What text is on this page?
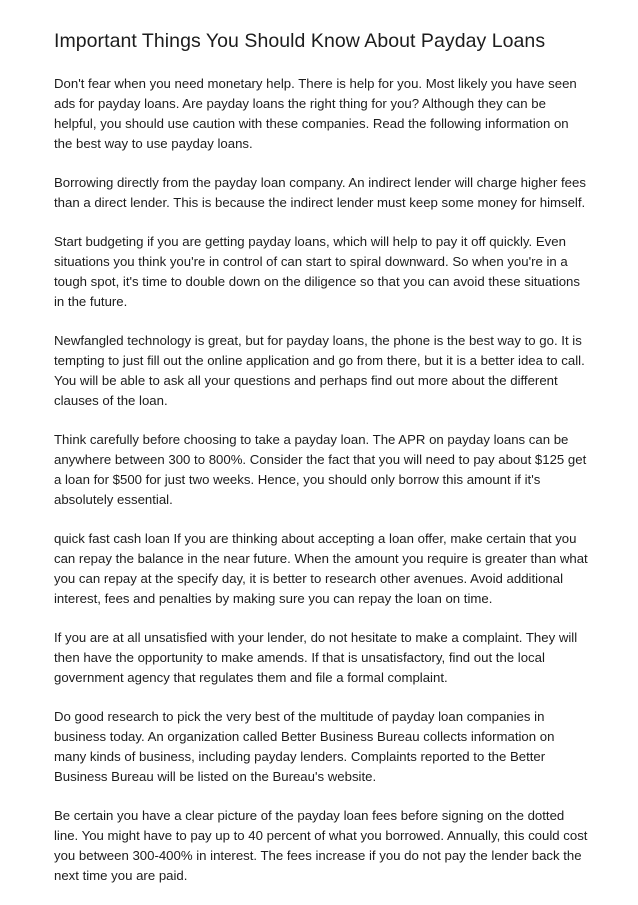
Important Things You Should Know About Payday Loans

Don't fear when you need monetary help. There is help for you. Most likely you have seen ads for payday loans. Are payday loans the right thing for you? Although they can be helpful, you should use caution with these companies. Read the following information on the best way to use payday loans.

Borrowing directly from the payday loan company. An indirect lender will charge higher fees than a direct lender. This is because the indirect lender must keep some money for himself.

Start budgeting if you are getting payday loans, which will help to pay it off quickly. Even situations you think you're in control of can start to spiral downward. So when you're in a tough spot, it's time to double down on the diligence so that you can avoid these situations in the future.

Newfangled technology is great, but for payday loans, the phone is the best way to go. It is tempting to just fill out the online application and go from there, but it is a better idea to call. You will be able to ask all your questions and perhaps find out more about the different clauses of the loan.

Think carefully before choosing to take a payday loan. The APR on payday loans can be anywhere between 300 to 800%. Consider the fact that you will need to pay about $125 get a loan for $500 for just two weeks. Hence, you should only borrow this amount if it's absolutely essential.

quick fast cash loan If you are thinking about accepting a loan offer, make certain that you can repay the balance in the near future. When the amount you require is greater than what you can repay at the specify day, it is better to research other avenues. Avoid additional interest, fees and penalties by making sure you can repay the loan on time.

If you are at all unsatisfied with your lender, do not hesitate to make a complaint. They will then have the opportunity to make amends. If that is unsatisfactory, find out the local government agency that regulates them and file a formal complaint.

Do good research to pick the very best of the multitude of payday loan companies in business today. An organization called Better Business Bureau collects information on many kinds of business, including payday lenders. Complaints reported to the Better Business Bureau will be listed on the Bureau's website.

Be certain you have a clear picture of the payday loan fees before signing on the dotted line. You might have to pay up to 40 percent of what you borrowed. Annually, this could cost you between 300-400% in interest. The fees increase if you do not pay the lender back the next time you are paid.
